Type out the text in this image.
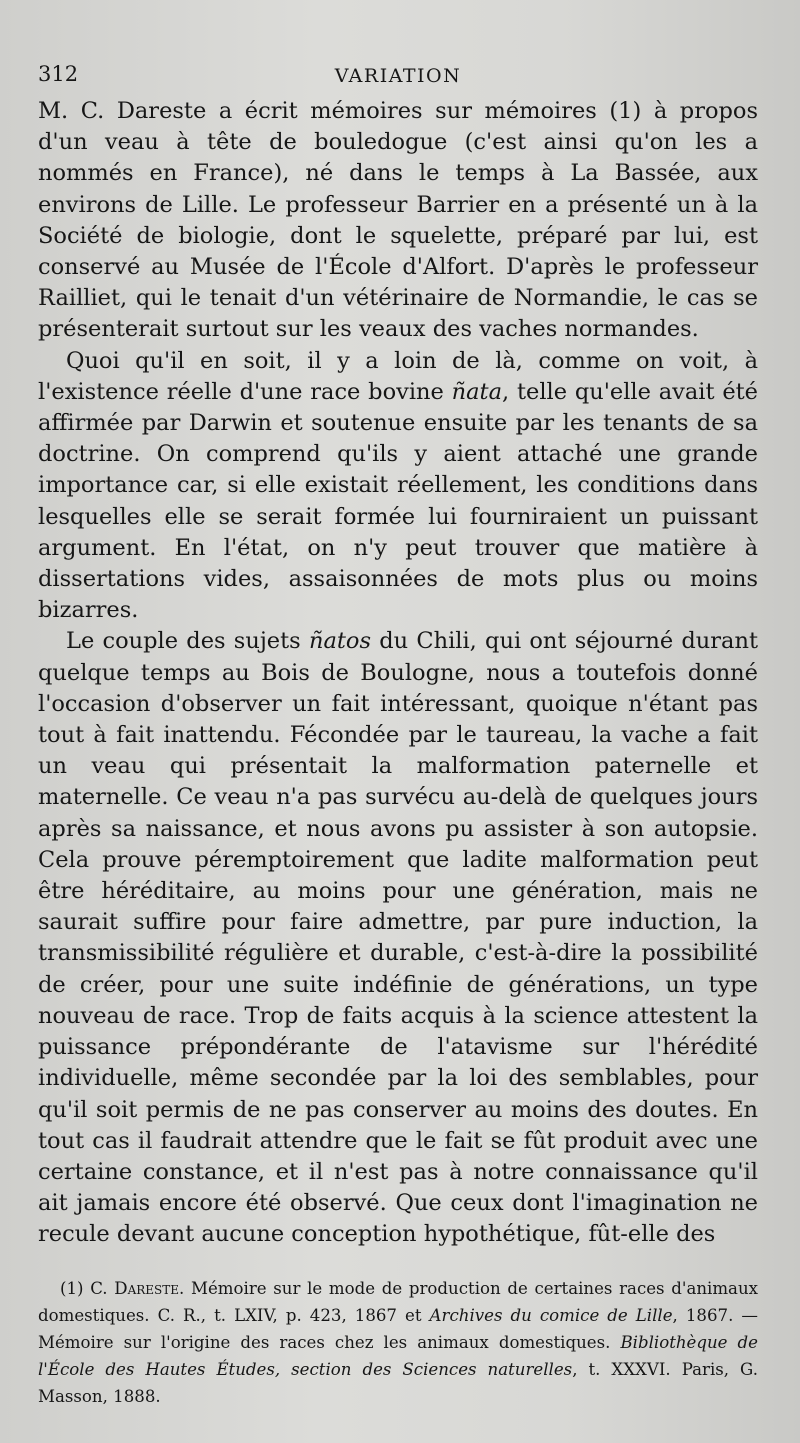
312	VARIATION

M. C. Dareste a écrit mémoires sur mémoires (1) à propos d'un veau à tête de bouledogue (c'est ainsi qu'on les a nommés en France), né dans le temps à La Bassée, aux environs de Lille. Le professeur Barrier en a présenté un à la Société de biologie, dont le squelette, préparé par lui, est conservé au Musée de l'École d'Alfort. D'après le professeur Railliet, qui le tenait d'un vétérinaire de Normandie, le cas se présenterait surtout sur les veaux des vaches normandes.

Quoi qu'il en soit, il y a loin de là, comme on voit, à l'existence réelle d'une race bovine ñata, telle qu'elle avait été affirmée par Darwin et soutenue ensuite par les tenants de sa doctrine. On comprend qu'ils y aient attaché une grande importance car, si elle existait réellement, les conditions dans lesquelles elle se serait formée lui fourniraient un puissant argument. En l'état, on n'y peut trouver que matière à dissertations vides, assaisonnées de mots plus ou moins bizarres.

Le couple des sujets ñatos du Chili, qui ont séjourné durant quelque temps au Bois de Boulogne, nous a toutefois donné l'occasion d'observer un fait intéressant, quoique n'étant pas tout à fait inattendu. Fécondée par le taureau, la vache a fait un veau qui présentait la malformation paternelle et maternelle. Ce veau n'a pas survécu au-delà de quelques jours après sa naissance, et nous avons pu assister à son autopsie. Cela prouve péremptoirement que ladite malformation peut être héréditaire, au moins pour une génération, mais ne saurait suffire pour faire admettre, par pure induction, la transmissibilité régulière et durable, c'est-à-dire la possibilité de créer, pour une suite indéfinie de générations, un type nouveau de race. Trop de faits acquis à la science attestent la puissance prépondérante de l'atavisme sur l'hérédité individuelle, même secondée par la loi des semblables, pour qu'il soit permis de ne pas conserver au moins des doutes. En tout cas il faudrait attendre que le fait se fût produit avec une certaine constance, et il n'est pas à notre connaissance qu'il ait jamais encore été observé. Que ceux dont l'imagination ne recule devant aucune conception hypothétique, fût-elle des

(1) C. Dareste. Mémoire sur le mode de production de certaines races d'animaux domestiques. C. R., t. LXIV, p. 423, 1867 et Archives du comice de Lille, 1867. — Mémoire sur l'origine des races chez les animaux domestiques. Bibliothèque de l'École des Hautes Études, section des Sciences naturelles, t. XXXVI. Paris, G. Masson, 1888.
